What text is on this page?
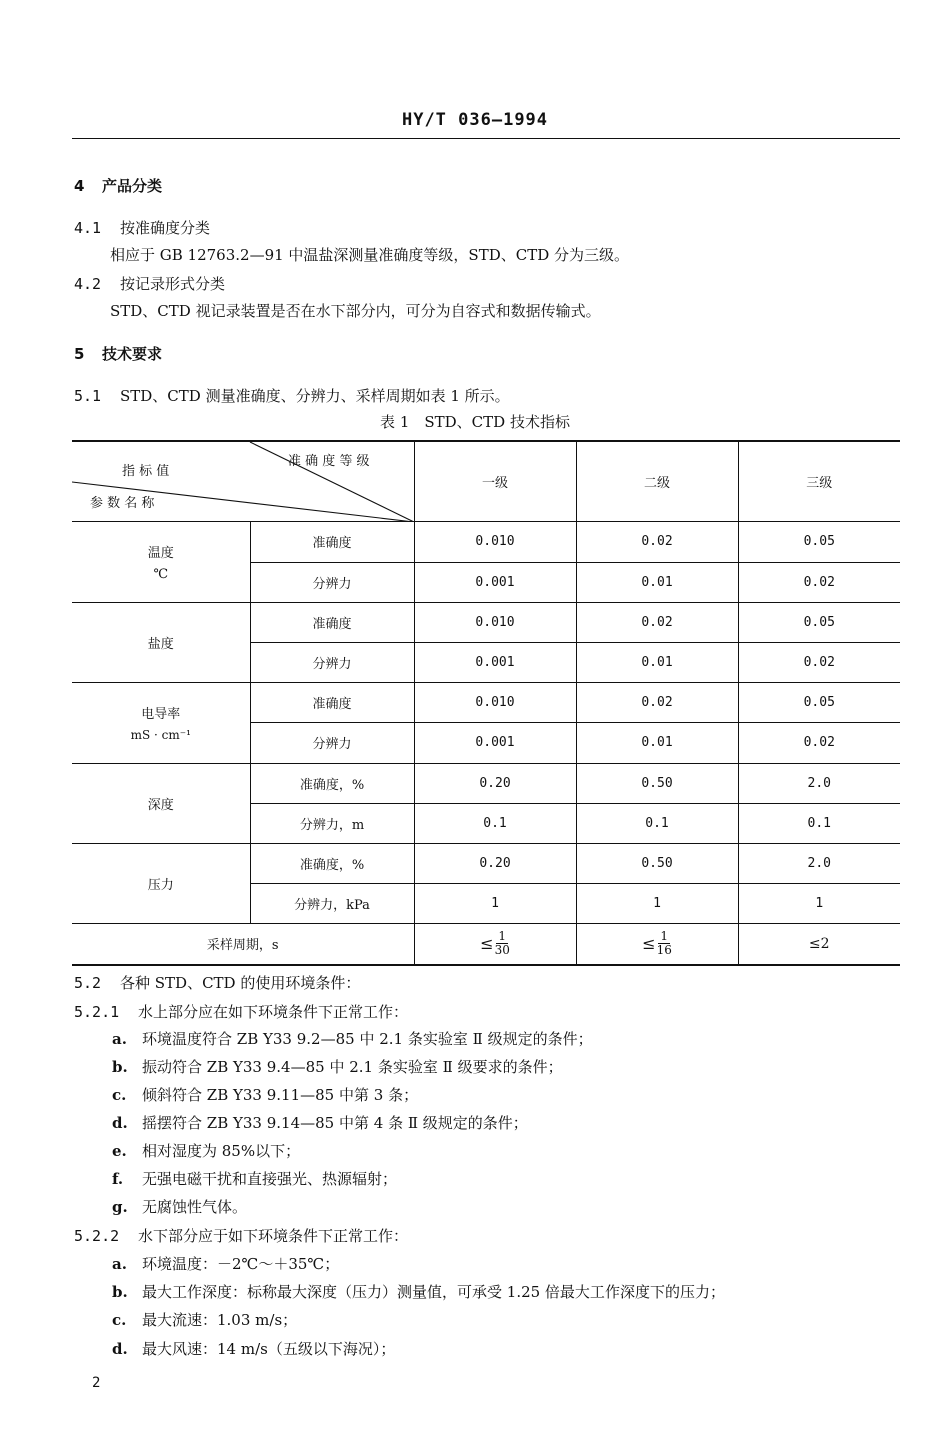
HY/T 036—1994
4 产品分类
4.1 按准确度分类
相应于 GB 12763.2—91 中温盐深测量准确度等级，STD、CTD 分为三级。
4.2 按记录形式分类
STD、CTD 视记录装置是否在水下部分内，可分为自容式和数据传输式。
5 技术要求
5.1 STD、CTD 测量准确度、分辨力、采样周期如表 1 所示。
表 1　STD、CTD 技术指标
准 确 度 等 级
指 标 值
参 数 名 称		一级	二级	三级

温度
℃	准确度	0.010	0.02	0.05
	分辨力	0.001	0.01	0.02

盐度	准确度	0.010	0.02	0.05
	分辨力	0.001	0.01	0.02

电导率
mS · cm⁻¹	准确度	0.010	0.02	0.05
	分辨力	0.001	0.01	0.02

深度	准确度，%	0.20	0.50	2.0
	分辨力，m	0.1	0.1	0.1

压力	准确度，%	0.20	0.50	2.0
	分辨力，kPa	1	1	1
采样周期，s		≤ $\frac{1}{30}$	≤ $\frac{1}{16}$	≤2
5.2 各种 STD、CTD 的使用环境条件：
5.2.1 水上部分应在如下环境条件下正常工作：
a. 环境温度符合 ZB Y33 9.2—85 中 2.1 条实验室 Ⅱ 级规定的条件；
b. 振动符合 ZB Y33 9.4—85 中 2.1 条实验室 Ⅱ 级要求的条件；
c. 倾斜符合 ZB Y33 9.11—85 中第 3 条；
d. 摇摆符合 ZB Y33 9.14—85 中第 4 条 Ⅱ 级规定的条件；
e. 相对湿度为 85%以下；
f. 无强电磁干扰和直接强光、热源辐射；
g. 无腐蚀性气体。
5.2.2 水下部分应于如下环境条件下正常工作：
a. 环境温度：－2℃～＋35℃；
b. 最大工作深度：标称最大深度（压力）测量值，可承受 1.25 倍最大工作深度下的压力；
c. 最大流速：1.03 m/s；
d. 最大风速：14 m/s（五级以下海况）；
2
